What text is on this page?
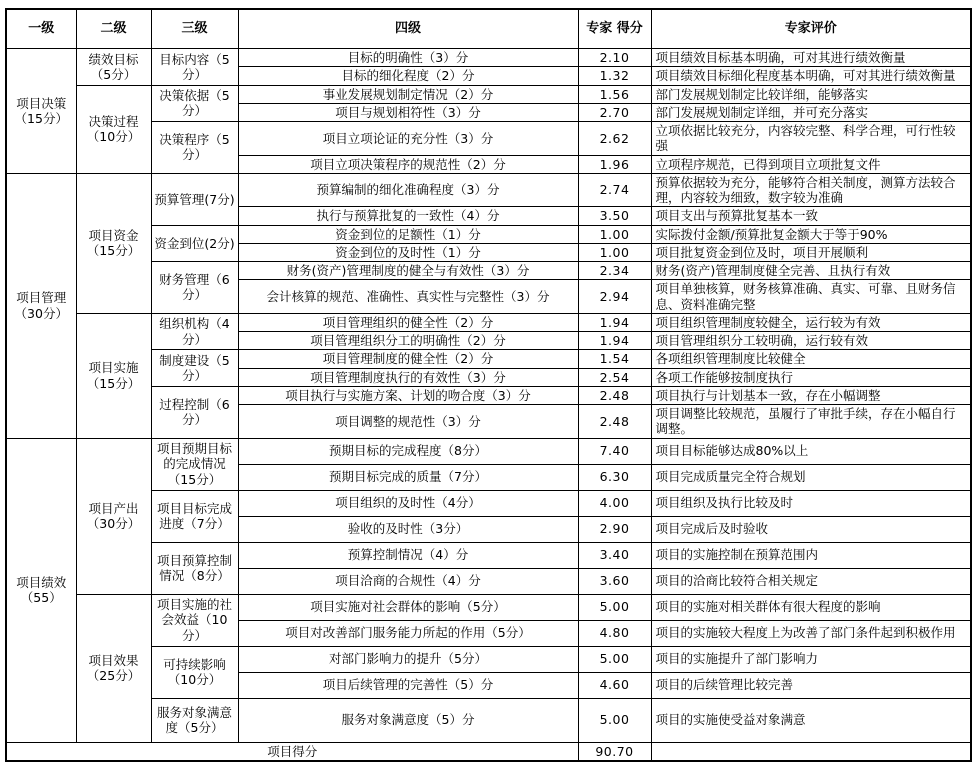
一级	二级	三级	四级	专家 得分	专家评价
项目决策（15分）	绩效目标（5分）	目标内容（5分）	目标的明确性（3）分	2.10	项目绩效目标基本明确，可对其进行绩效衡量
			目标的细化程度（2）分	1.32	项目绩效目标细化程度基本明确，可对其进行绩效衡量
	决策过程（10分）	决策依据（5分）	事业发展规划制定情况（2）分	1.56	部门发展规划制定比较详细，能够落实
			项目与规划相符性（3）分	2.70	部门发展规划制定详细，并可充分落实
		决策程序（5分）	项目立项论证的充分性（3）分	2.62	立项依据比较充分，内容较完整、科学合理，可行性较强
			项目立项决策程序的规范性（2）分	1.96	立项程序规范，已得到项目立项批复文件
项目管理（30分）	项目资金（15分）	预算管理(7分)	预算编制的细化准确程度（3）分	2.74	预算依据较为充分，能够符合相关制度，测算方法较合理，内容较为细致，数字较为准确
			执行与预算批复的一致性（4）分	3.50	项目支出与预算批复基本一致
		资金到位(2分)	资金到位的足额性（1）分	1.00	实际拨付金额/预算批复金额大于等于90%
			资金到位的及时性（1）分	1.00	项目批复资金到位及时，项目开展顺利
		财务管理（6分）	财务(资产)管理制度的健全与有效性（3）分	2.34	财务(资产)管理制度健全完善、且执行有效
			会计核算的规范、准确性、真实性与完整性（3）分	2.94	项目单独核算，财务核算准确、真实、可靠、且财务信息、资料准确完整
	项目实施（15分）	组织机构（4分）	项目管理组织的健全性（2）分	1.94	项目组织管理制度较健全，运行较为有效
			项目管理组织分工的明确性（2）分	1.94	项目管理组织分工较明确，运行较有效
		制度建设（5分）	项目管理制度的健全性（2）分	1.54	各项组织管理制度比较健全
			项目管理制度执行的有效性（3）分	2.54	各项工作能够按制度执行
		过程控制（6分）	项目执行与实施方案、计划的吻合度（3）分	2.48	项目执行与计划基本一致，存在小幅调整
			项目调整的规范性（3）分	2.48	项目调整比较规范，虽履行了审批手续，存在小幅自行调整。
项目绩效（55）	项目产出（30分）	项目预期目标的完成情况（15分）	预期目标的完成程度（8分）	7.40	项目目标能够达成80%以上
			预期目标完成的质量（7分）	6.30	项目完成质量完全符合规划
		项目目标完成进度（7分）	项目组织的及时性（4分）	4.00	项目组织及执行比较及时
			验收的及时性（3分）	2.90	项目完成后及时验收
		项目预算控制情况（8分）	预算控制情况（4）分	3.40	项目的实施控制在预算范围内
			项目洽商的合规性（4）分	3.60	项目的洽商比较符合相关规定
	项目效果（25分）	项目实施的社会效益（10分）	项目实施对社会群体的影响（5分）	5.00	项目的实施对相关群体有很大程度的影响
			项目对改善部门服务能力所起的作用（5分）	4.80	项目的实施较大程度上为改善了部门条件起到积极作用
		可持续影响（10分）	对部门影响力的提升（5分）	5.00	项目的实施提升了部门影响力
			项目后续管理的完善性（5）分	4.60	项目的后续管理比较完善
		服务对象满意度（5分）	服务对象满意度（5）分	5.00	项目的实施使受益对象满意
项目得分				90.70	
